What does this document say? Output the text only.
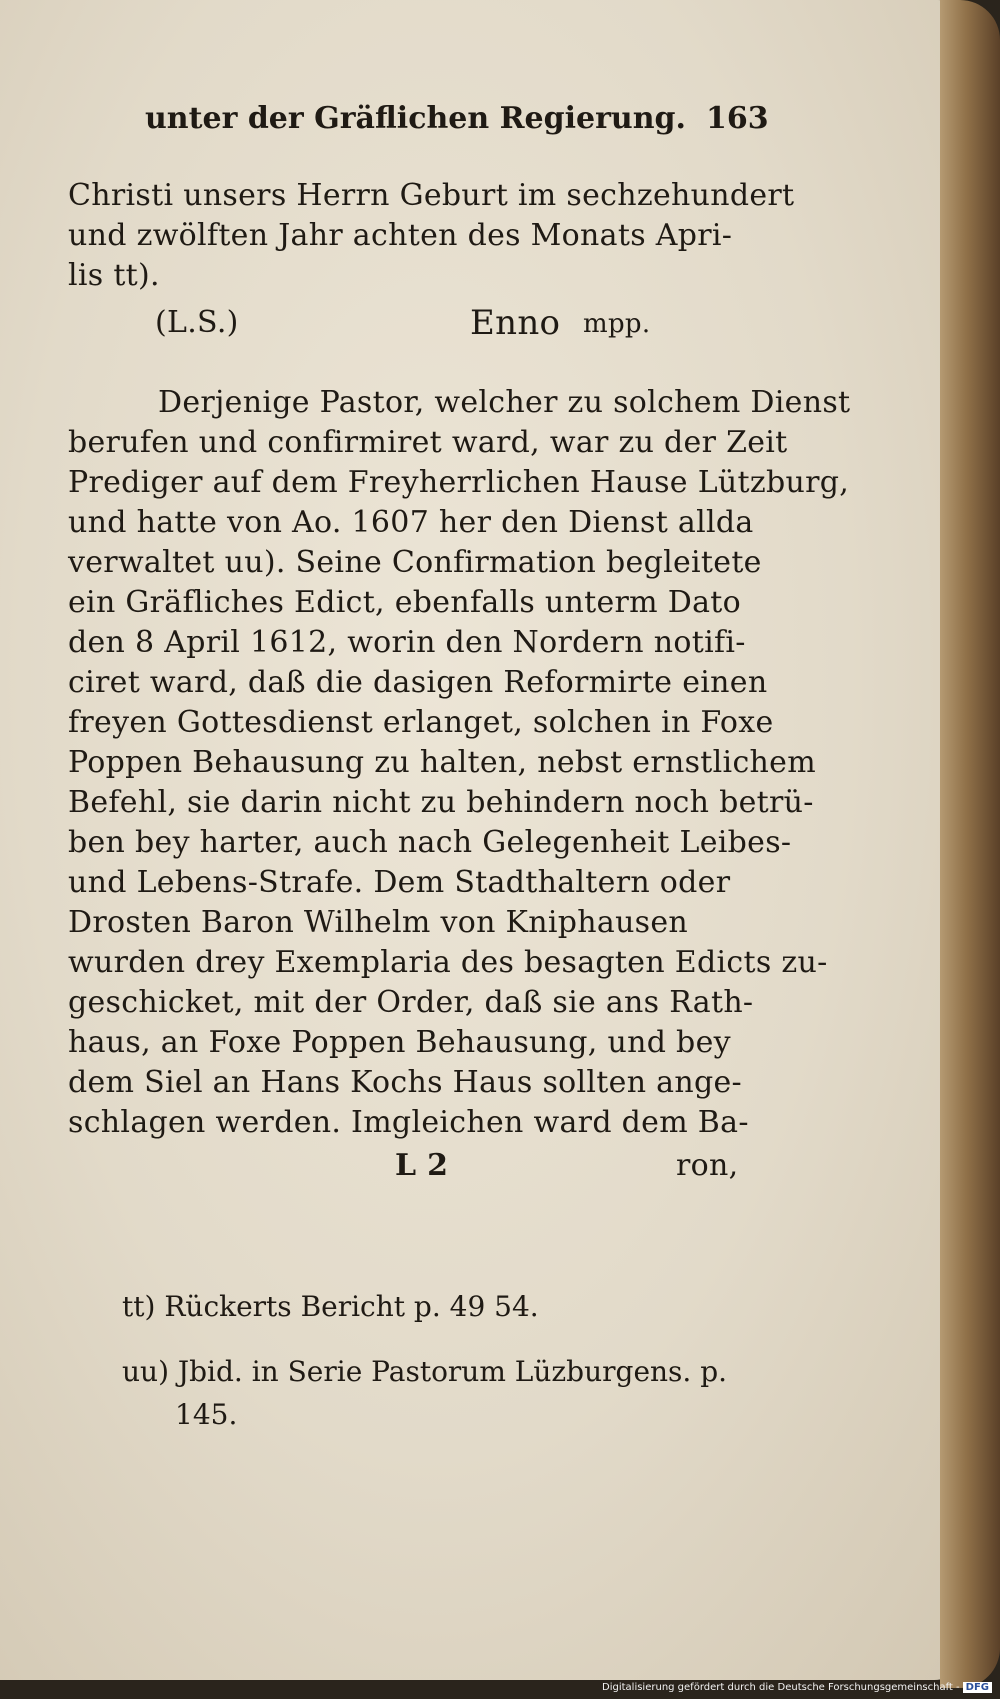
unter der Gräflichen Regierung. 163
Christi unsers Herrn Geburt im sechzehundert
und zwölften Jahr achten des Monats Apri-
lis tt).
(L.S.)	Enno mpp.
Derjenige Pastor, welcher zu solchem Dienst
berufen und confirmiret ward, war zu der Zeit
Prediger auf dem Freyherrlichen Hause Lützburg,
und hatte von Ao. 1607 her den Dienst allda
verwaltet uu). Seine Confirmation begleitete
ein Gräfliches Edict, ebenfalls unterm Dato
den 8 April 1612, worin den Nordern notifi-
ciret ward, daß die dasigen Reformirte einen
freyen Gottesdienst erlanget, solchen in Foxe
Poppen Behausung zu halten, nebst ernstlichem
Befehl, sie darin nicht zu behindern noch betrü-
ben bey harter, auch nach Gelegenheit Leibes-
und Lebens-Strafe. Dem Stadthaltern oder
Drosten Baron Wilhelm von Kniphausen
wurden drey Exemplaria des besagten Edicts zu-
geschicket, mit der Order, daß sie ans Rath-
haus, an Foxe Poppen Behausung, und bey
dem Siel an Hans Kochs Haus sollten ange-
schlagen werden. Imgleichen ward dem Ba-
L 2	ron,
tt) Rückerts Bericht p. 49 54.
uu) Jbid. in Serie Pastorum Lüzburgens. p.
145.
Digitalisierung gefördert durch die Deutsche Forschungsgemeinschaft - DFG
